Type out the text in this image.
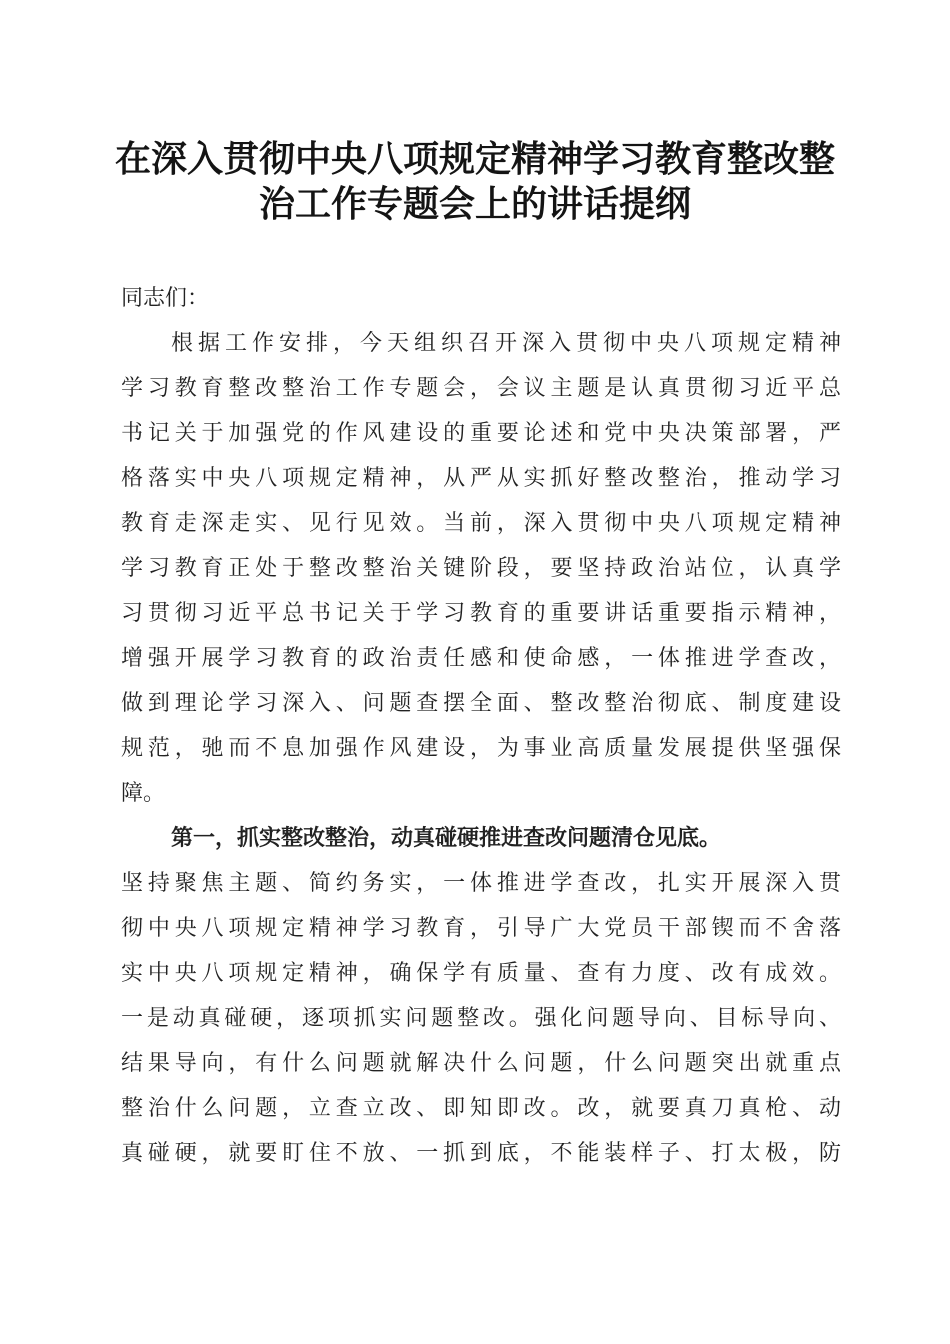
在深入贯彻中央八项规定精神学习教育整改整
治工作专题会上的讲话提纲
同志们：
根据工作安排，今天组织召开深入贯彻中央八项规定精神
学习教育整改整治工作专题会，会议主题是认真贯彻习近平总
书记关于加强党的作风建设的重要论述和党中央决策部署，严
格落实中央八项规定精神，从严从实抓好整改整治，推动学习
教育走深走实、见行见效。当前，深入贯彻中央八项规定精神
学习教育正处于整改整治关键阶段，要坚持政治站位，认真学
习贯彻习近平总书记关于学习教育的重要讲话重要指示精神，
增强开展学习教育的政治责任感和使命感，一体推进学查改，
做到理论学习深入、问题查摆全面、整改整治彻底、制度建设
规范，驰而不息加强作风建设，为事业高质量发展提供坚强保
障。
第一，抓实整改整治，动真碰硬推进查改问题清仓见底。
坚持聚焦主题、简约务实，一体推进学查改，扎实开展深入贯
彻中央八项规定精神学习教育，引导广大党员干部锲而不舍落
实中央八项规定精神，确保学有质量、查有力度、改有成效。
一是动真碰硬，逐项抓实问题整改。强化问题导向、目标导向、
结果导向，有什么问题就解决什么问题，什么问题突出就重点
整治什么问题，立查立改、即知即改。改，就要真刀真枪、动
真碰硬，就要盯住不放、一抓到底，不能装样子、打太极，防
